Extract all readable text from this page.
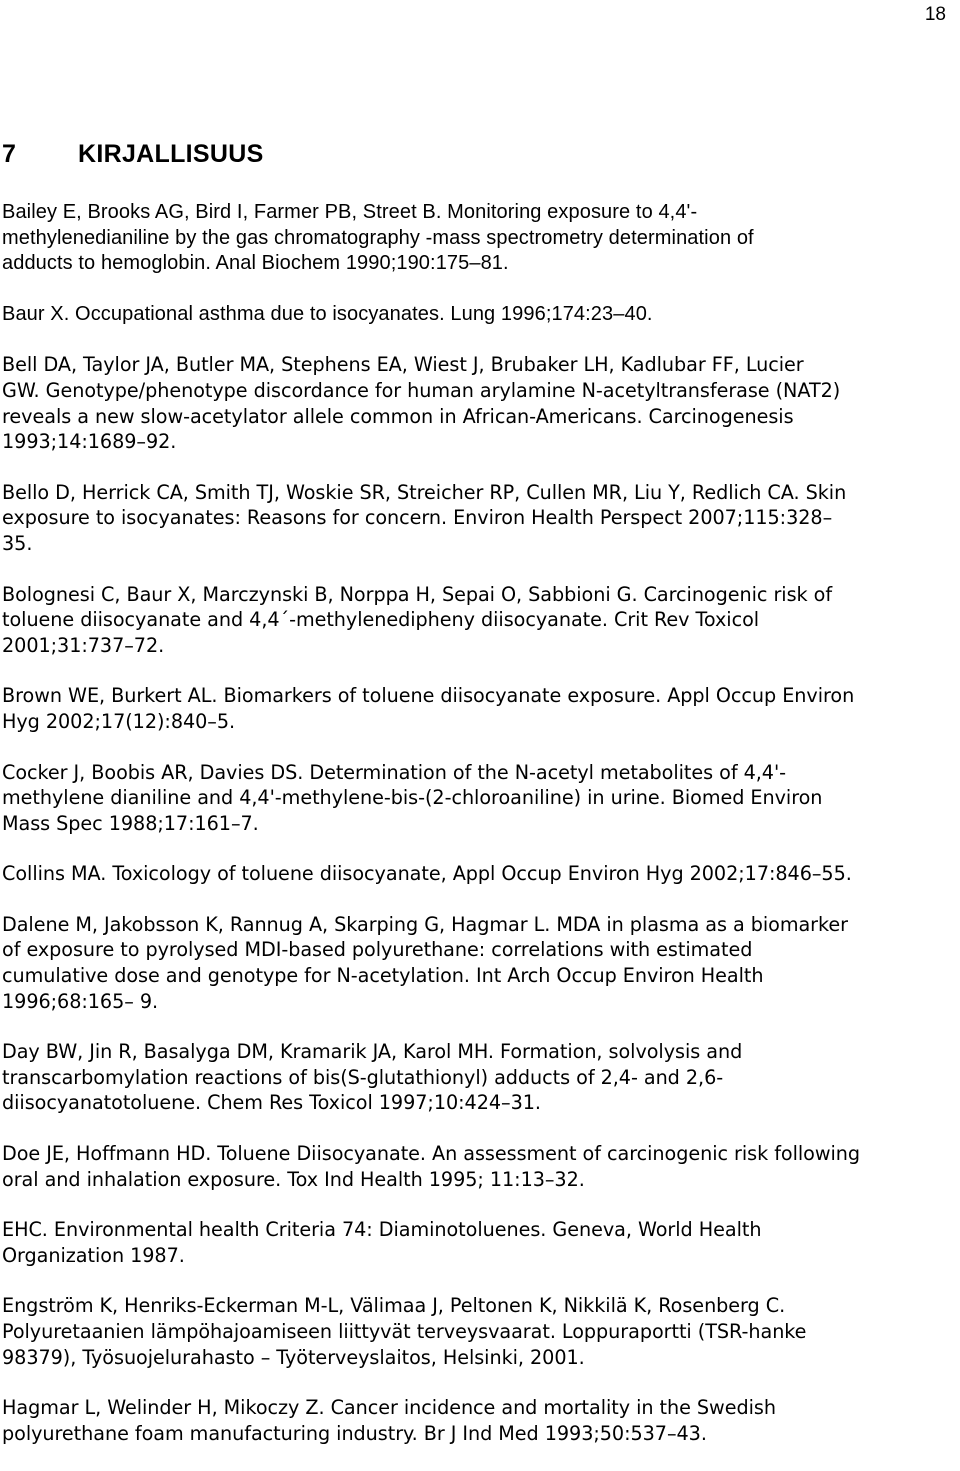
18
7 KIRJALLISUUS
Bailey E, Brooks AG, Bird I, Farmer PB, Street B. Monitoring exposure to 4,4'-
methylenedianiline by the gas chromatography -mass spectrometry determination of
adducts to hemoglobin. Anal Biochem 1990;190:175–81.
Baur X. Occupational asthma due to isocyanates. Lung 1996;174:23–40.
Bell DA, Taylor JA, Butler MA, Stephens EA, Wiest J, Brubaker LH, Kadlubar FF, Lucier
GW. Genotype/phenotype discordance for human arylamine N-acetyltransferase (NAT2)
reveals a new slow-acetylator allele common in African-Americans. Carcinogenesis
1993;14:1689–92.
Bello D, Herrick CA, Smith TJ, Woskie SR, Streicher RP, Cullen MR, Liu Y, Redlich CA. Skin
exposure to isocyanates: Reasons for concern. Environ Health Perspect 2007;115:328–
35.
Bolognesi C, Baur X, Marczynski B, Norppa H, Sepai O, Sabbioni G. Carcinogenic risk of
toluene diisocyanate and 4,4´-methylenedipheny diisocyanate. Crit Rev Toxicol
2001;31:737–72.
Brown WE, Burkert AL. Biomarkers of toluene diisocyanate exposure. Appl Occup Environ
Hyg 2002;17(12):840–5.
Cocker J, Boobis AR, Davies DS. Determination of the N-acetyl metabolites of 4,4'-
methylene dianiline and 4,4'-methylene-bis-(2-chloroaniline) in urine. Biomed Environ
Mass Spec 1988;17:161–7.
Collins MA. Toxicology of toluene diisocyanate, Appl Occup Environ Hyg 2002;17:846–55.
Dalene M, Jakobsson K, Rannug A, Skarping G, Hagmar L. MDA in plasma as a biomarker
of exposure to pyrolysed MDI-based polyurethane: correlations with estimated
cumulative dose and genotype for N-acetylation. Int Arch Occup Environ Health
1996;68:165– 9.
Day BW, Jin R, Basalyga DM, Kramarik JA, Karol MH. Formation, solvolysis and
transcarbomylation reactions of bis(S-glutathionyl) adducts of 2,4- and 2,6-
diisocyanatotoluene. Chem Res Toxicol 1997;10:424–31.
Doe JE, Hoffmann HD. Toluene Diisocyanate. An assessment of carcinogenic risk following
oral and inhalation exposure. Tox Ind Health 1995; 11:13–32.
EHC. Environmental health Criteria 74: Diaminotoluenes. Geneva, World Health
Organization 1987.
Engström K, Henriks-Eckerman M-L, Välimaa J, Peltonen K, Nikkilä K, Rosenberg C.
Polyuretaanien lämpöhajoamiseen liittyvät terveysvaarat. Loppuraportti (TSR-hanke
98379), Työsuojelurahasto – Työterveyslaitos, Helsinki, 2001.
Hagmar L, Welinder H, Mikoczy Z. Cancer incidence and mortality in the Swedish
polyurethane foam manufacturing industry. Br J Ind Med 1993;50:537–43.
